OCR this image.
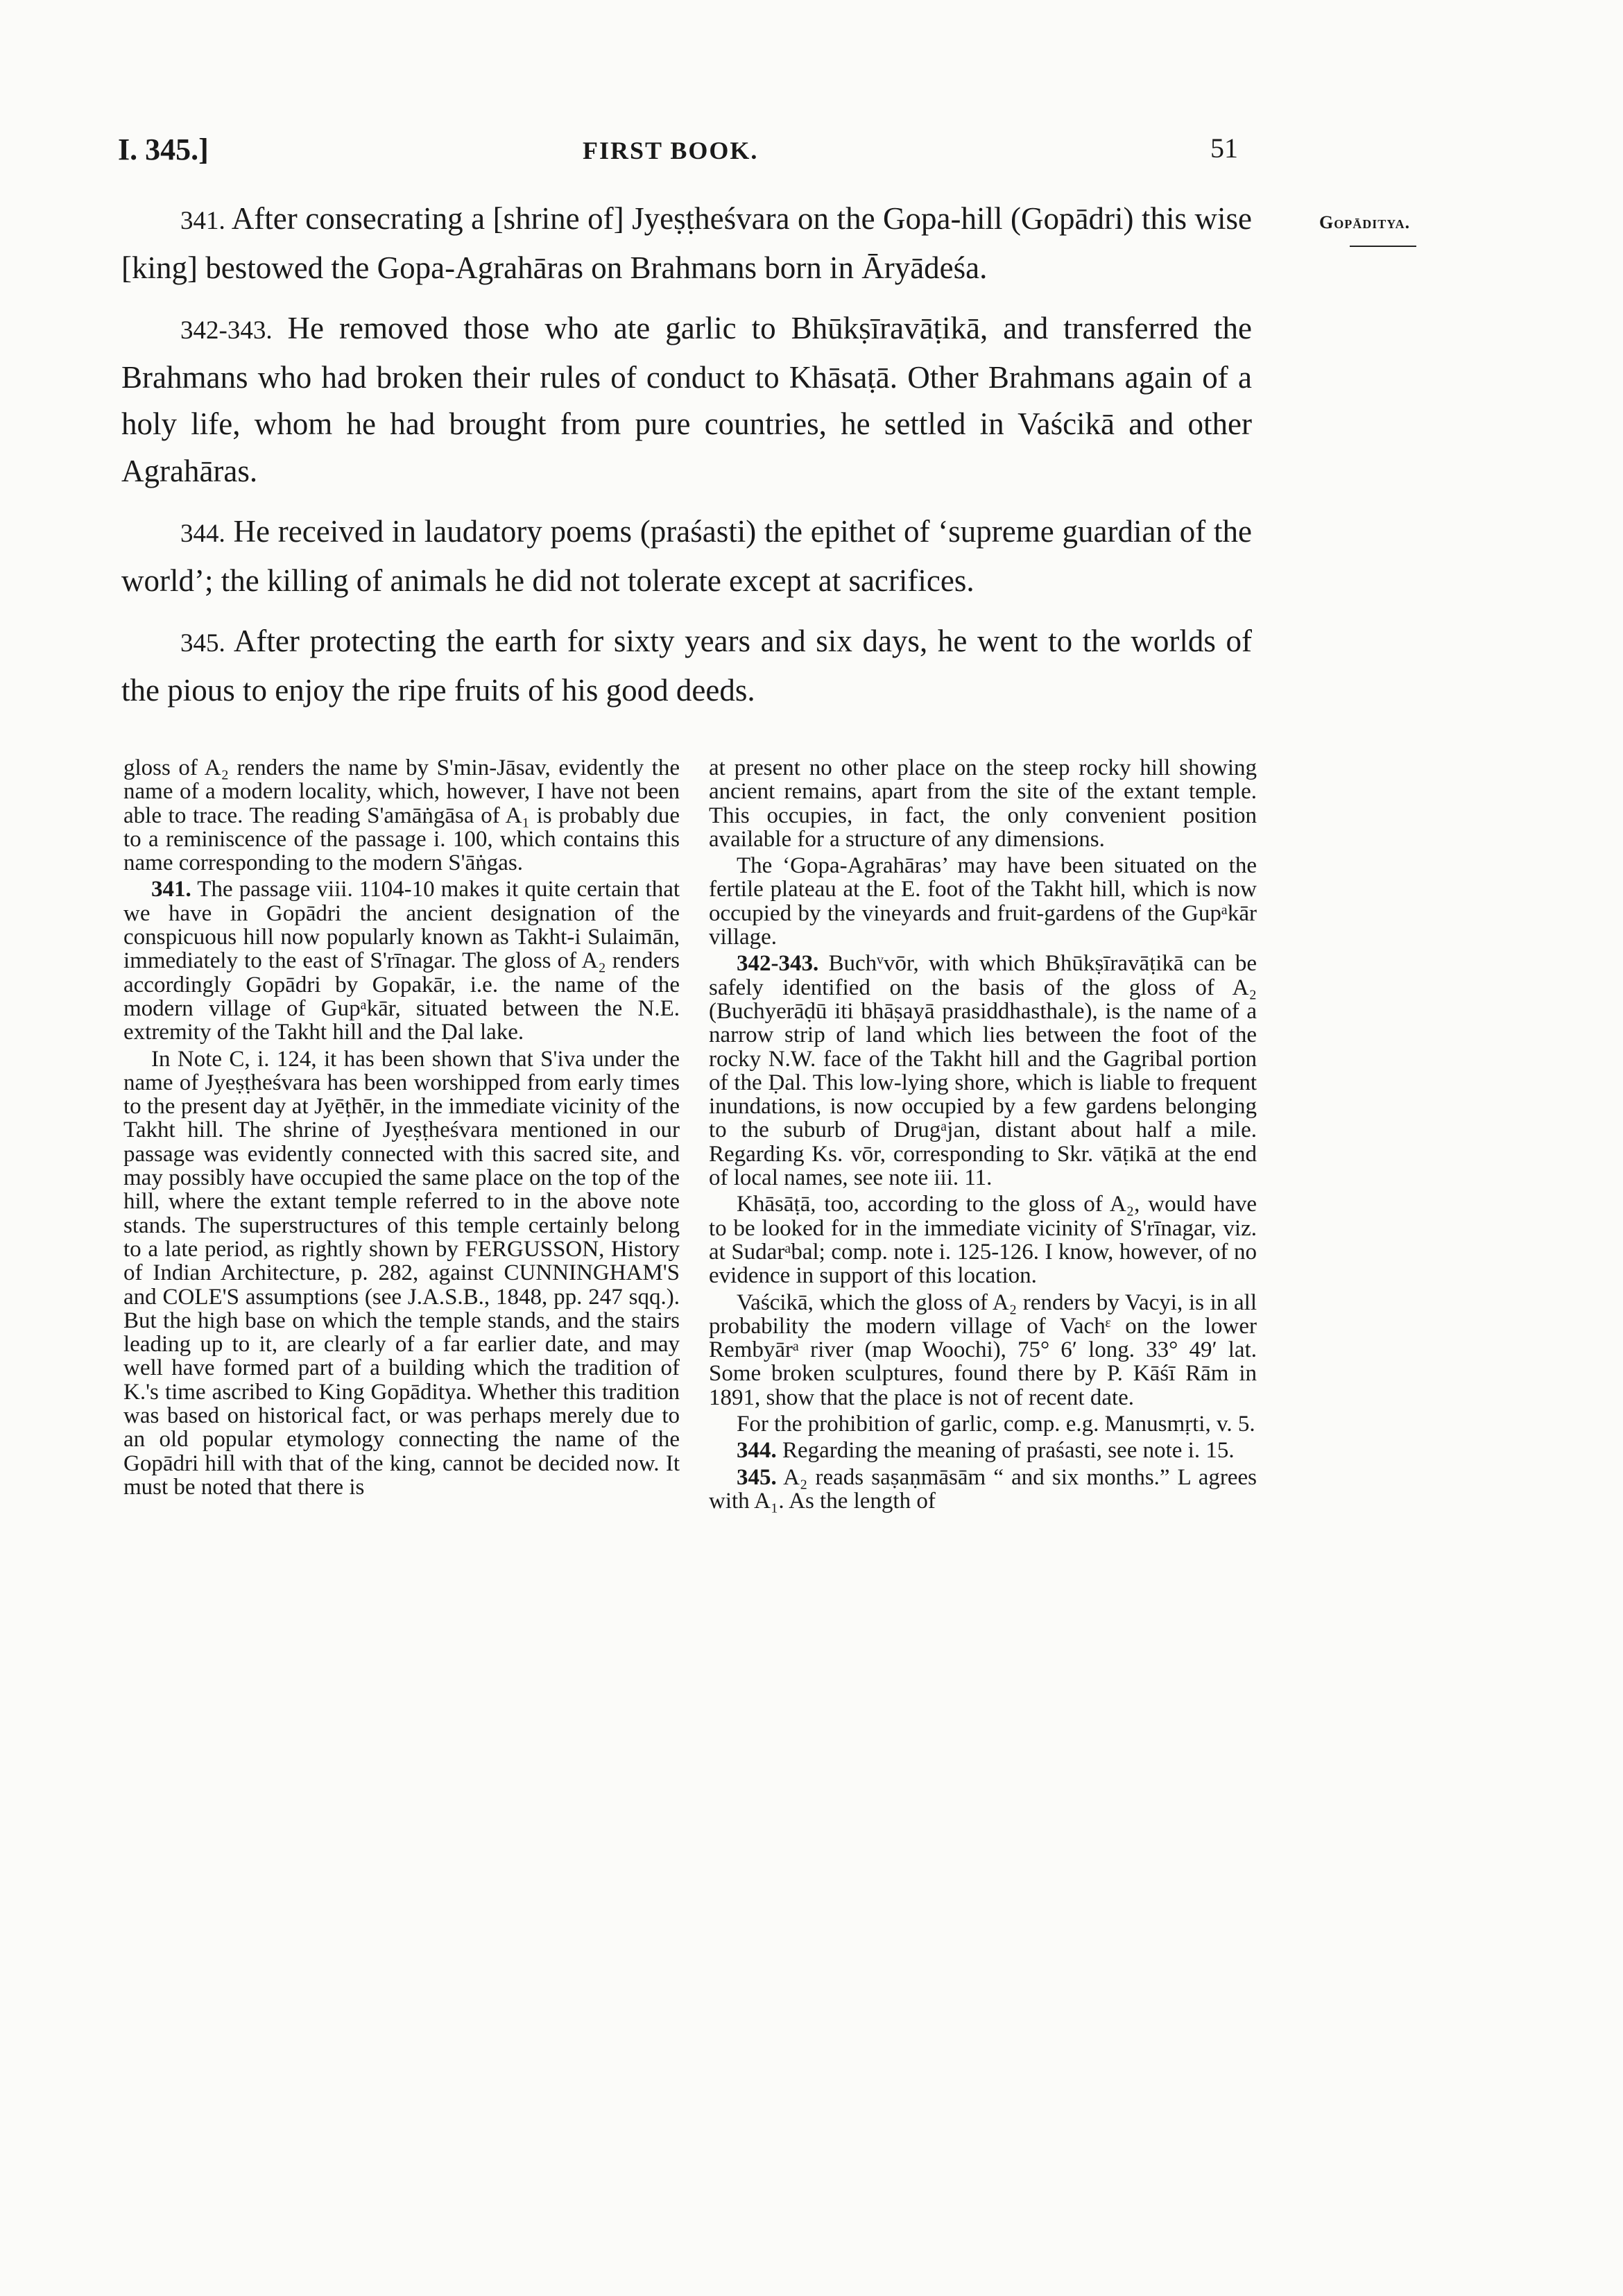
I. 345.]	FIRST BOOK.	51
Gopāditya.

341. After consecrating a [shrine of] Jyeṣṭheśvara on the Gopa-hill (Gopādri) this wise [king] bestowed the Gopa-Agrahāras on Brahmans born in Āryādeśa.

342-343. He removed those who ate garlic to Bhūkṣīravāṭikā, and transferred the Brahmans who had broken their rules of conduct to Khāsaṭā. Other Brahmans again of a holy life, whom he had brought from pure countries, he settled in Vaścikā and other Agrahāras.

344. He received in laudatory poems (praśasti) the epithet of ‘supreme guardian of the world’; the killing of animals he did not tolerate except at sacrifices.

345. After protecting the earth for sixty years and six days, he went to the worlds of the pious to enjoy the ripe fruits of his good deeds.

gloss of A₂ renders the name by S'min-Jāsav, evidently the name of a modern locality, which, however, I have not been able to trace. The reading S'amāṅgāsa of A₁ is probably due to a reminiscence of the passage i. 100, which contains this name corresponding to the modern S'āṅgas.

341. The passage viii. 1104-10 makes it quite certain that we have in Gopādri the ancient designation of the conspicuous hill now popularly known as Takht-i Sulaimān, immediately to the east of S'rīnagar. The gloss of A₂ renders accordingly Gopādri by Gopakār, i.e. the name of the modern village of Gupᵃkār, situated between the N.E. extremity of the Takht hill and the Ḍal lake.

In Note C, i. 124, it has been shown that S'iva under the name of Jyeṣṭheśvara has been worshipped from early times to the present day at Jyēṭhēr, in the immediate vicinity of the Takht hill. The shrine of Jyeṣṭheśvara mentioned in our passage was evidently connected with this sacred site, and may possibly have occupied the same place on the top of the hill, where the extant temple referred to in the above note stands. The superstructures of this temple certainly belong to a late period, as rightly shown by FERGUSSON, History of Indian Architecture, p. 282, against CUNNINGHAM'S and COLE'S assumptions (see J.A.S.B., 1848, pp. 247 sqq.). But the high base on which the temple stands, and the stairs leading up to it, are clearly of a far earlier date, and may well have formed part of a building which the tradition of K.'s time ascribed to King Gopāditya. Whether this tradition was based on historical fact, or was perhaps merely due to an old popular etymology connecting the name of the Gopādri hill with that of the king, cannot be decided now. It must be noted that there is

at present no other place on the steep rocky hill showing ancient remains, apart from the site of the extant temple. This occupies, in fact, the only convenient position available for a structure of any dimensions.

The ‘Gopa-Agrahāras’ may have been situated on the fertile plateau at the E. foot of the Takht hill, which is now occupied by the vineyards and fruit-gardens of the Gupᵃkār village.

342-343. Buchᵛvōr, with which Bhūkṣīravāṭikā can be safely identified on the basis of the gloss of A₂ (Buchyerāḍū iti bhāṣayā prasiddhasthale), is the name of a narrow strip of land which lies between the foot of the rocky N.W. face of the Takht hill and the Gagribal portion of the Ḍal. This low-lying shore, which is liable to frequent inundations, is now occupied by a few gardens belonging to the suburb of Drugᵃjan, distant about half a mile. Regarding Ks. vōr, corresponding to Skr. vāṭikā at the end of local names, see note iii. 11.

Khāsāṭā, too, according to the gloss of A₂, would have to be looked for in the immediate vicinity of S'rīnagar, viz. at Sudarᵃbal; comp. note i. 125-126. I know, however, of no evidence in support of this location.

Vaścikā, which the gloss of A₂ renders by Vacyi, is in all probability the modern village of Vachᵋ on the lower Rembyārᵃ river (map Woochi), 75° 6′ long. 33° 49′ lat. Some broken sculptures, found there by P. Kāśī Rām in 1891, show that the place is not of recent date.

For the prohibition of garlic, comp. e.g. Manusmṛti, v. 5.

344. Regarding the meaning of praśasti, see note i. 15.

345. A₂ reads saṣaṇmāsām “ and six months.” L agrees with A₁. As the length of
